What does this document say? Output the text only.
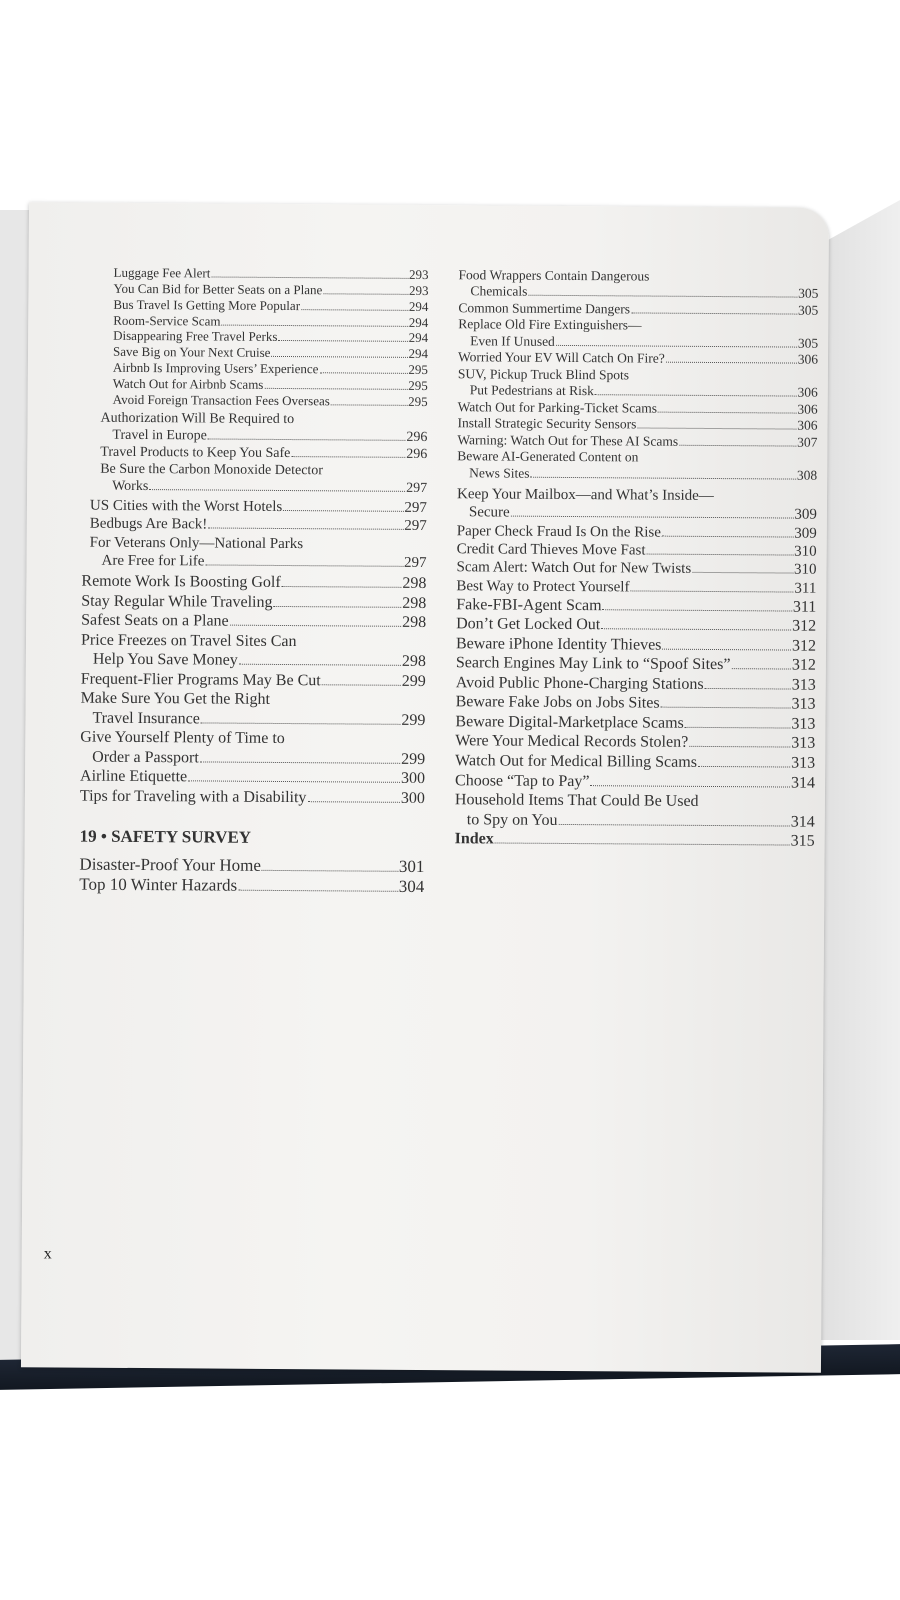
Luggage Fee Alert	293
You Can Bid for Better Seats on a Plane	293
Bus Travel Is Getting More Popular	294
Room-Service Scam	294
Disappearing Free Travel Perks	294
Save Big on Your Next Cruise	294
Airbnb Is Improving Users’ Experience	295
Watch Out for Airbnb Scams	295
Avoid Foreign Transaction Fees Overseas	295
Authorization Will Be Required to
Travel in Europe	296
Travel Products to Keep You Safe	296
Be Sure the Carbon Monoxide Detector
Works	297
US Cities with the Worst Hotels	297
Bedbugs Are Back!	297
For Veterans Only—National Parks
Are Free for Life	297
Remote Work Is Boosting Golf	298
Stay Regular While Traveling	298
Safest Seats on a Plane	298
Price Freezes on Travel Sites Can
Help You Save Money	298
Frequent-Flier Programs May Be Cut	299
Make Sure You Get the Right
Travel Insurance	299
Give Yourself Plenty of Time to
Order a Passport	299
Airline Etiquette	300
Tips for Traveling with a Disability	300
19 • SAFETY SURVEY
Disaster-Proof Your Home	301
Top 10 Winter Hazards	304
Food Wrappers Contain Dangerous
Chemicals	305
Common Summertime Dangers	305
Replace Old Fire Extinguishers—
Even If Unused	305
Worried Your EV Will Catch On Fire?	306
SUV, Pickup Truck Blind Spots
Put Pedestrians at Risk	306
Watch Out for Parking-Ticket Scams	306
Install Strategic Security Sensors	306
Warning: Watch Out for These AI Scams	307
Beware AI-Generated Content on
News Sites	308
Keep Your Mailbox—and What’s Inside—
Secure	309
Paper Check Fraud Is On the Rise	309
Credit Card Thieves Move Fast	310
Scam Alert: Watch Out for New Twists	310
Best Way to Protect Yourself	311
Fake-FBI-Agent Scam	311
Don’t Get Locked Out	312
Beware iPhone Identity Thieves	312
Search Engines May Link to “Spoof Sites”	312
Avoid Public Phone-Charging Stations	313
Beware Fake Jobs on Jobs Sites	313
Beware Digital-Marketplace Scams	313
Were Your Medical Records Stolen?	313
Watch Out for Medical Billing Scams	313
Choose “Tap to Pay”	314
Household Items That Could Be Used
to Spy on You	314
Index	315
x
